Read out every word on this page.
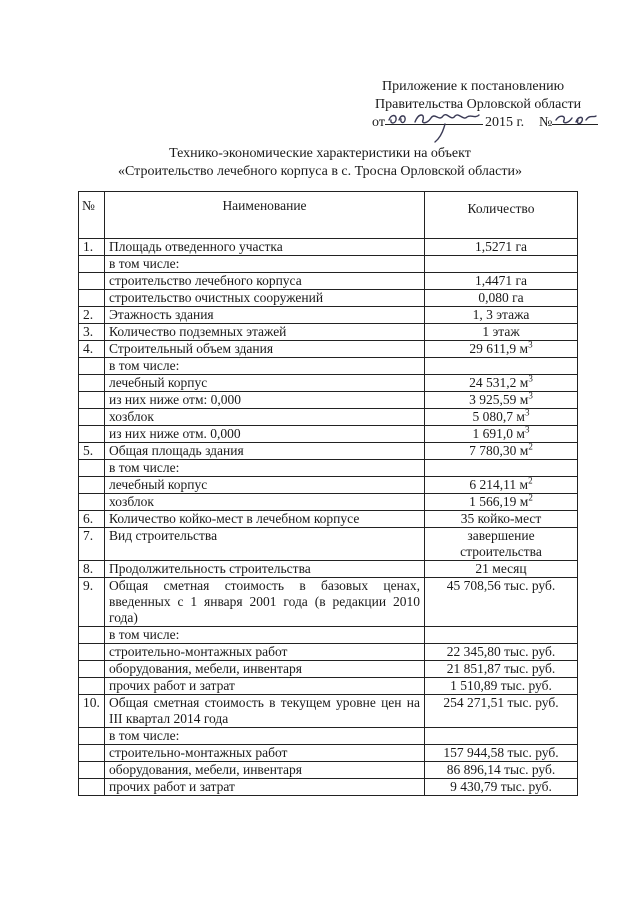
Приложение к постановлению
Правительства Орловской области
от	2015 г. №
Технико-экономические характеристики на объект
«Строительство лечебного корпуса в с. Тросна Орловской области»
№	Наименование	Количество
1.	Площадь отведенного участка	1,5271 га
	в том числе:	
	строительство лечебного корпуса	1,4471 га
	строительство очистных сооружений	0,080 га
2.	Этажность здания	1, 3 этажа
3.	Количество подземных этажей	1 этаж
4.	Строительный объем здания	29 611,9 $м^3$
	в том числе:	
	лечебный корпус	24 531,2 $м^3$
	из них ниже отм: 0,000	3 925,59 $м^3$
	хозблок	5 080,7 $м^3$
	из них ниже отм. 0,000	1 691,0 $м^3$
5.	Общая площадь здания	7 780,30 $м^2$
	в том числе:	
	лечебный корпус	6 214,11 $м^2$
	хозблок	1 566,19 $м^2$
6.	Количество койко-мест в лечебном корпусе	35 койко-мест
7.	Вид строительства	завершение строительства
8.	Продолжительность строительства	21 месяц
9.	Общая сметная стоимость в базовых ценах, введенных с 1 января 2001 года (в редакции 2010 года)	45 708,56 тыс. руб.
	в том числе:	
	строительно-монтажных работ	22 345,80 тыс. руб.
	оборудования, мебели, инвентаря	21 851,87 тыс. руб.
	прочих работ и затрат	1 510,89 тыс. руб.
10.	Общая сметная стоимость в текущем уровне цен на III квартал 2014 года	254 271,51 тыс. руб.
	в том числе:	
	строительно-монтажных работ	157 944,58 тыс. руб.
	оборудования, мебели, инвентаря	86 896,14 тыс. руб.
	прочих работ и затрат	9 430,79 тыс. руб.
